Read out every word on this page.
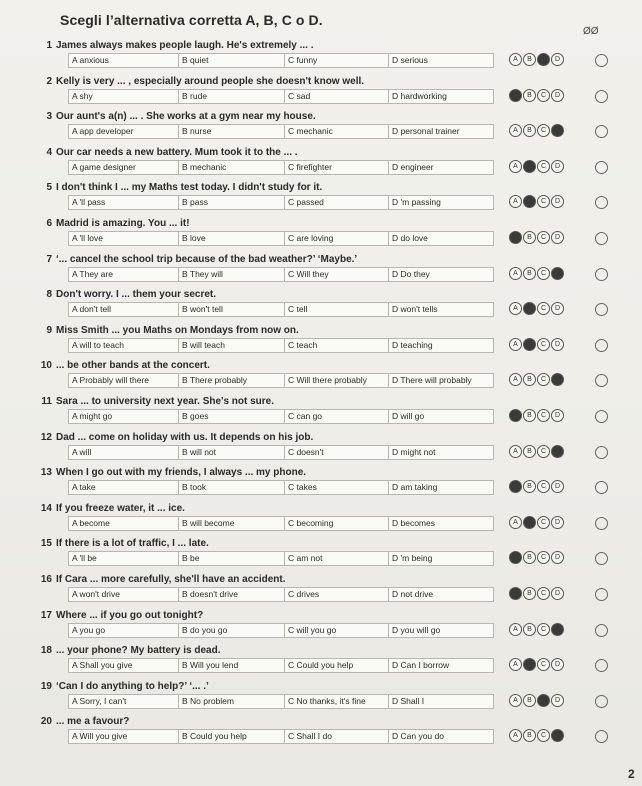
Scegli l’alternativa corretta A, B, C o D.
ØØ
1 James always makes people laugh. He's extremely ... .
A anxious	B quiet	C funny	D serious	A B C D
2 Kelly is very ... , especially around people she doesn't know well.
A shy	B rude	C sad	D hardworking	A B C D
3 Our aunt's a(n) ... . She works at a gym near my house.
A app developer	B nurse	C mechanic	D personal trainer	A B C D
4 Our car needs a new battery. Mum took it to the ... .
A game designer	B mechanic	C firefighter	D engineer	A B C D
5 I don't think I ... my Maths test today. I didn't study for it.
A 'll pass	B pass	C passed	D 'm passing	A B C D
6 Madrid is amazing. You ... it!
A 'll love	B love	C are loving	D do love	A B C D
7 ‘... cancel the school trip because of the bad weather?’ ‘Maybe.’
A They are	B They will	C Will they	D Do they	A B C D
8 Don't worry. I ... them your secret.
A don't tell	B won't tell	C tell	D won't tells	A B C D
9 Miss Smith ... you Maths on Mondays from now on.
A will to teach	B will teach	C teach	D teaching	A B C D
10 ... be other bands at the concert.
A Probably will there	B There probably	C Will there probably	D There will probably	A B C D
11 Sara ... to university next year. She's not sure.
A might go	B goes	C can go	D will go	A B C D
12 Dad ... come on holiday with us. It depends on his job.
A will	B will not	C doesn't	D might not	A B C D
13 When I go out with my friends, I always ... my phone.
A take	B took	C takes	D am taking	A B C D
14 If you freeze water, it ... ice.
A become	B will become	C becoming	D becomes	A B C D
15 If there is a lot of traffic, I ... late.
A 'll be	B be	C am not	D 'm being	A B C D
16 If Cara ... more carefully, she'll have an accident.
A won't drive	B doesn't drive	C drives	D not drive	A B C D
17 Where ... if you go out tonight?
A you go	B do you go	C will you go	D you will go	A B C D
18 ... your phone? My battery is dead.
A Shall you give	B Will you lend	C Could you help	D Can I borrow	A B C D
19 ‘Can I do anything to help?’ ‘... .’
A Sorry, I can't	B No problem	C No thanks, it's fine	D Shall I	A B C D
20 ... me a favour?
A Will you give	B Could you help	C Shall I do	D Can you do	A B C D
2
